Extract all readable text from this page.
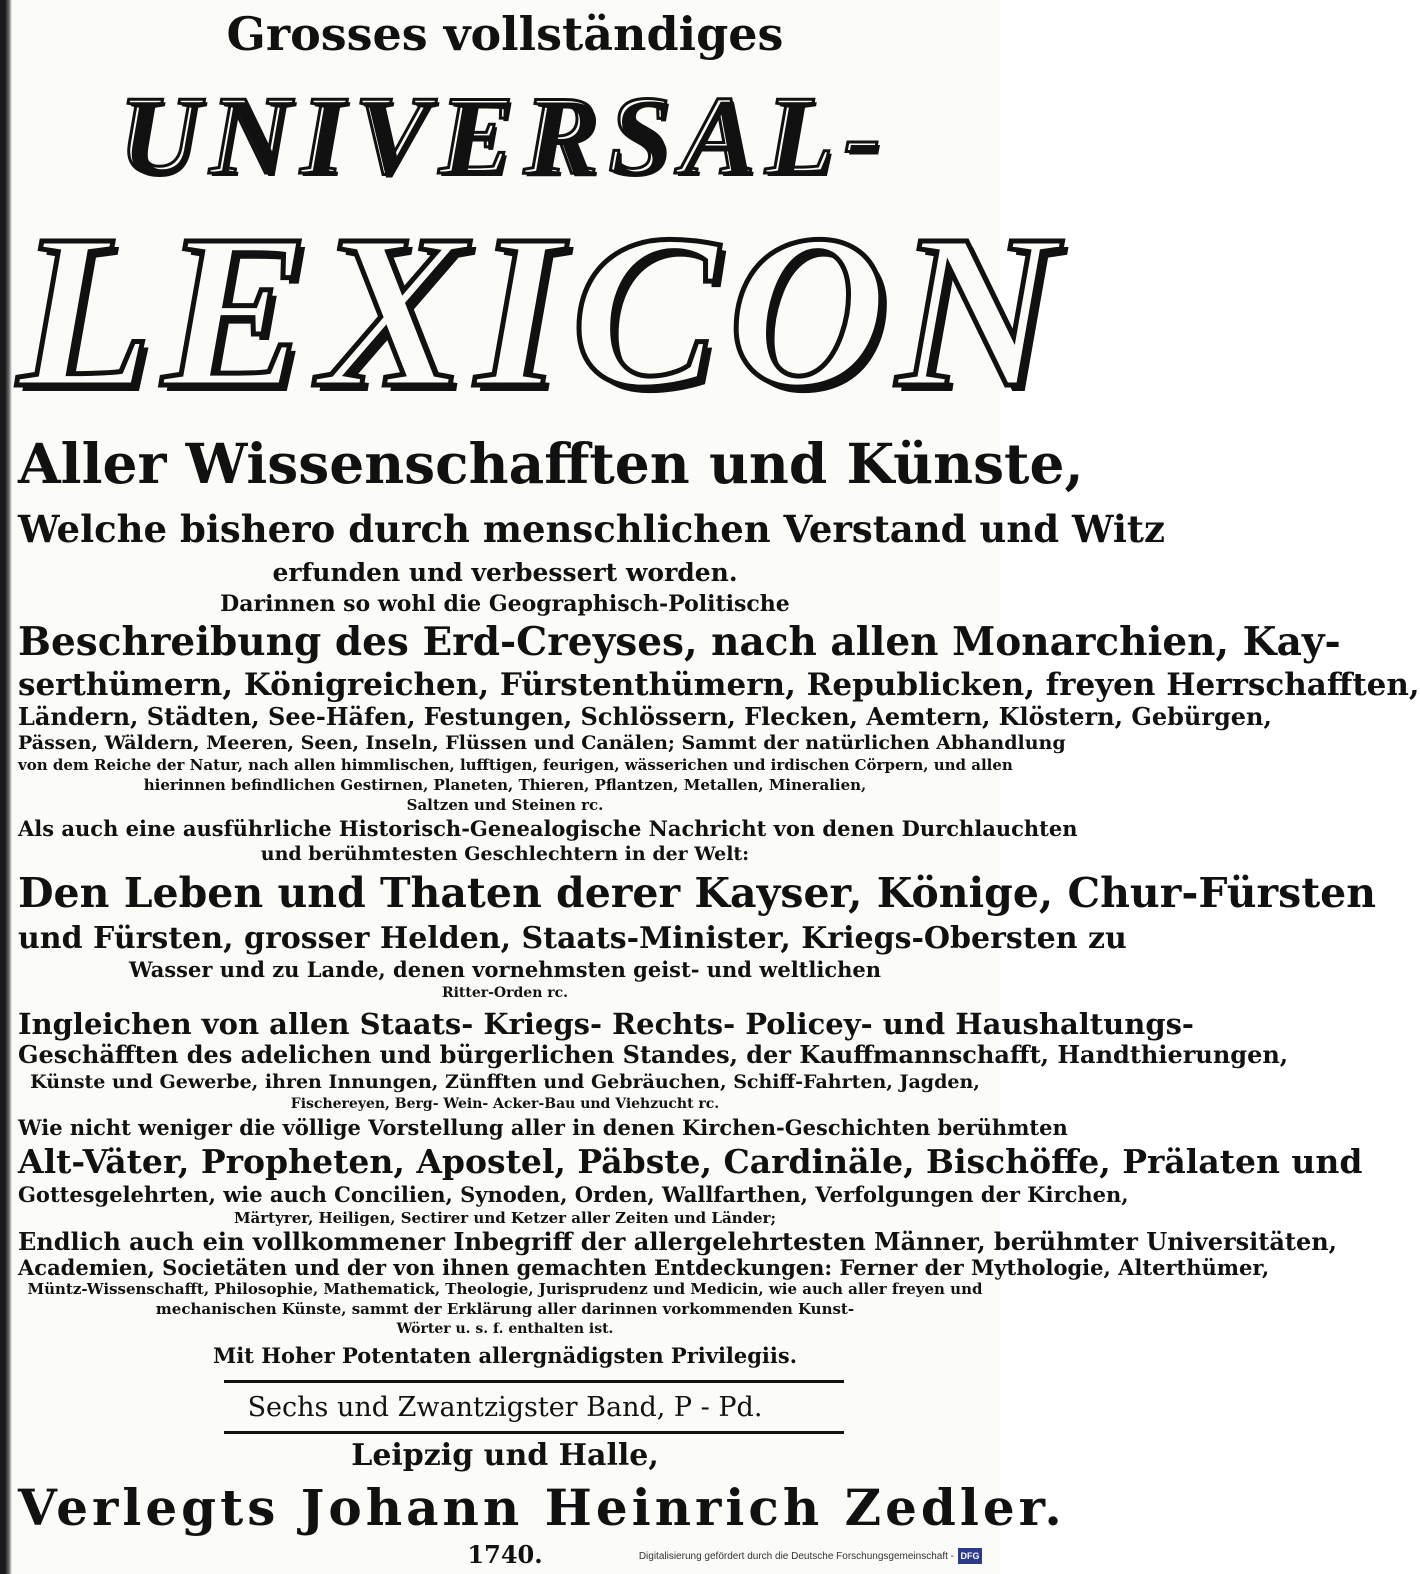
Grosses vollständiges
UNIVERSAL-
LEXICON
Aller Wissenschafften und Künste,
Welche bishero durch menschlichen Verstand und Witz
erfunden und verbessert worden.
Darinnen so wohl die Geographisch-Politische
Beschreibung des Erd-Creyses, nach allen Monarchien, Kay-
serthümern, Königreichen, Fürstenthümern, Republicken, freyen Herrschafften,
Ländern, Städten, See-Häfen, Festungen, Schlössern, Flecken, Aemtern, Klöstern, Gebürgen,
Pässen, Wäldern, Meeren, Seen, Inseln, Flüssen und Canälen; Sammt der natürlichen Abhandlung
von dem Reiche der Natur, nach allen himmlischen, lufftigen, feurigen, wässerichen und irdischen Cörpern, und allen
hierinnen befindlichen Gestirnen, Planeten, Thieren, Pflantzen, Metallen, Mineralien,
Saltzen und Steinen rc.
Als auch eine ausführliche Historisch-Genealogische Nachricht von denen Durchlauchten
und berühmtesten Geschlechtern in der Welt:
Den Leben und Thaten derer Kayser, Könige, Chur-Fürsten
und Fürsten, grosser Helden, Staats-Minister, Kriegs-Obersten zu
Wasser und zu Lande, denen vornehmsten geist- und weltlichen
Ritter-Orden rc.
Ingleichen von allen Staats- Kriegs- Rechts- Policey- und Haushaltungs-
Geschäfften des adelichen und bürgerlichen Standes, der Kauffmannschafft, Handthierungen,
Künste und Gewerbe, ihren Innungen, Zünfften und Gebräuchen, Schiff-Fahrten, Jagden,
Fischereyen, Berg- Wein- Acker-Bau und Viehzucht rc.
Wie nicht weniger die völlige Vorstellung aller in denen Kirchen-Geschichten berühmten
Alt-Väter, Propheten, Apostel, Päbste, Cardinäle, Bischöffe, Prälaten und
Gottesgelehrten, wie auch Concilien, Synoden, Orden, Wallfarthen, Verfolgungen der Kirchen,
Märtyrer, Heiligen, Sectirer und Ketzer aller Zeiten und Länder;
Endlich auch ein vollkommener Inbegriff der allergelehrtesten Männer, berühmter Universitäten,
Academien, Societäten und der von ihnen gemachten Entdeckungen: Ferner der Mythologie, Alterthümer,
Müntz-Wissenschafft, Philosophie, Mathematick, Theologie, Jurisprudenz und Medicin, wie auch aller freyen und
mechanischen Künste, sammt der Erklärung aller darinnen vorkommenden Kunst-
Wörter u. s. f. enthalten ist.
Mit Hoher Potentaten allergnädigsten Privilegiis.
Sechs und Zwantzigster Band, P - Pd.
Leipzig und Halle,
Verlegts Johann Heinrich Zedler.
1740.	Digitalisierung gefördert durch die Deutsche Forschungsgemeinschaft - DFG
